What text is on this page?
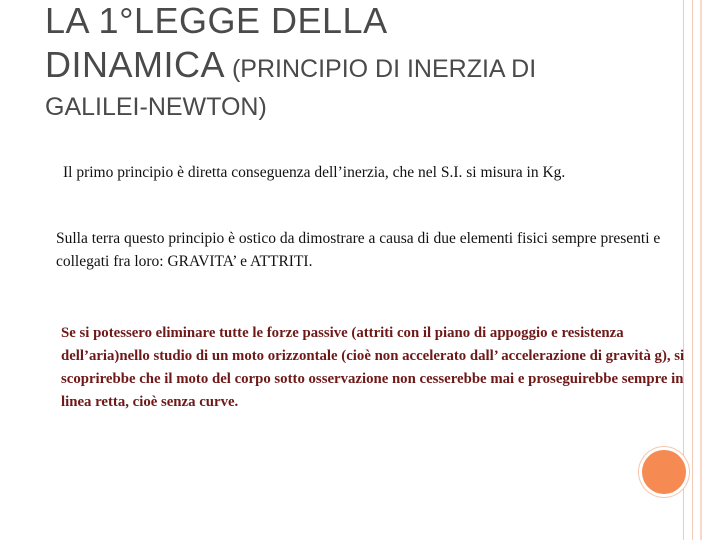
LA 1°LEGGE DELLA
DINAMICA (PRINCIPIO DI INERZIA DI
GALILEI-NEWTON)

Il primo principio è diretta conseguenza dell’inerzia, che nel S.I. si misura in Kg.

Sulla terra questo principio è ostico da dimostrare a causa di due elementi fisici sempre presenti e collegati fra loro: GRAVITA’ e ATTRITI.

Se si potessero eliminare tutte le forze passive (attriti con il piano di appoggio e resistenza dell’aria)nello studio di un moto orizzontale (cioè non accelerato dall’ accelerazione di gravità g), si scoprirebbe che il moto del corpo sotto osservazione non cesserebbe mai e proseguirebbe sempre in linea retta, cioè senza curve.
